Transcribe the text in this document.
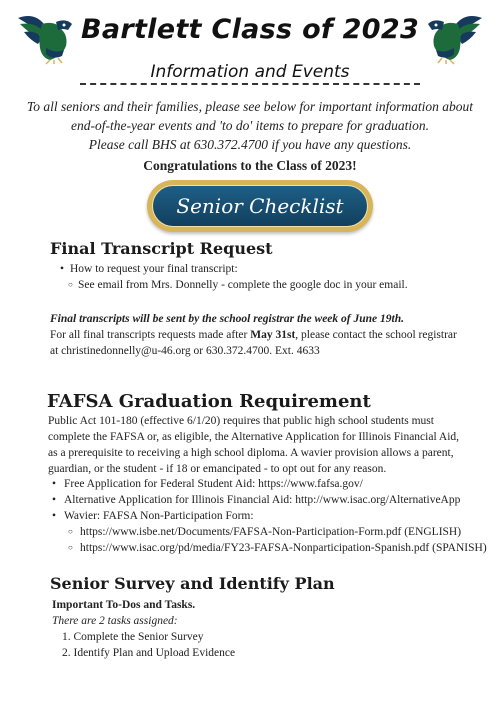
Bartlett Class of 2023
Information and Events
To all seniors and their families, please see below for important information about
end-of-the-year events and 'to do' items to prepare for graduation.
Please call BHS at 630.372.4700 if you have any questions.
Congratulations to the Class of 2023!
Senior Checklist
Final Transcript Request
• How to request your final transcript:
○ See email from Mrs. Donnelly - complete the google doc in your email.
Final transcripts will be sent by the school registrar the week of June 19th.
For all final transcripts requests made after May 31st, please contact the school registrar
at christinedonnelly@u-46.org or 630.372.4700. Ext. 4633
FAFSA Graduation Requirement
Public Act 101-180 (effective 6/1/20) requires that public high school students must complete the FAFSA or, as eligible, the Alternative Application for Illinois Financial Aid, as a prerequisite to receiving a high school diploma. A wavier provision allows a parent, guardian, or the student - if 18 or emancipated - to opt out for any reason.
• Free Application for Federal Student Aid: https://www.fafsa.gov/
• Alternative Application for Illinois Financial Aid: http://www.isac.org/AlternativeApp
• Wavier: FAFSA Non-Participation Form:
○ https://www.isbe.net/Documents/FAFSA-Non-Participation-Form.pdf (ENGLISH)
○ https://www.isac.org/pd/media/FY23-FAFSA-Nonparticipation-Spanish.pdf (SPANISH)
Senior Survey and Identify Plan
Important To-Dos and Tasks.
There are 2 tasks assigned:
1. Complete the Senior Survey
2. Identify Plan and Upload Evidence
